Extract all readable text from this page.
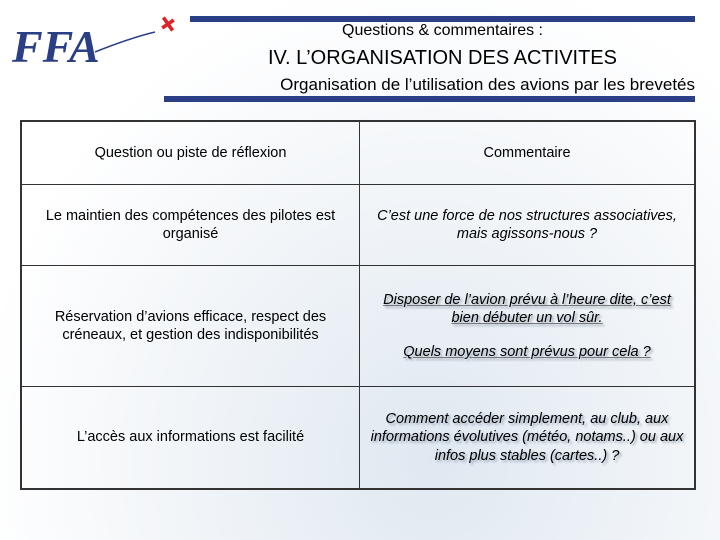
FFA	Questions & commentaires :
IV. L’ORGANISATION DES ACTIVITES
Organisation de l’utilisation des avions par les brevetés
Question ou piste de réflexion	Commentaire
Le maintien des compétences des pilotes est organisé
C’est une force de nos structures associatives, mais agissons-nous ?
Réservation d’avions efficace, respect des créneaux, et gestion des indisponibilités
Disposer de l’avion prévu à l’heure dite, c’est bien débuter un vol sûr.
Quels moyens sont prévus pour cela ?
L’accès aux informations est facilité
Comment accéder simplement, au club, aux informations évolutives (météo, notams..) ou aux infos plus stables (cartes..) ?
